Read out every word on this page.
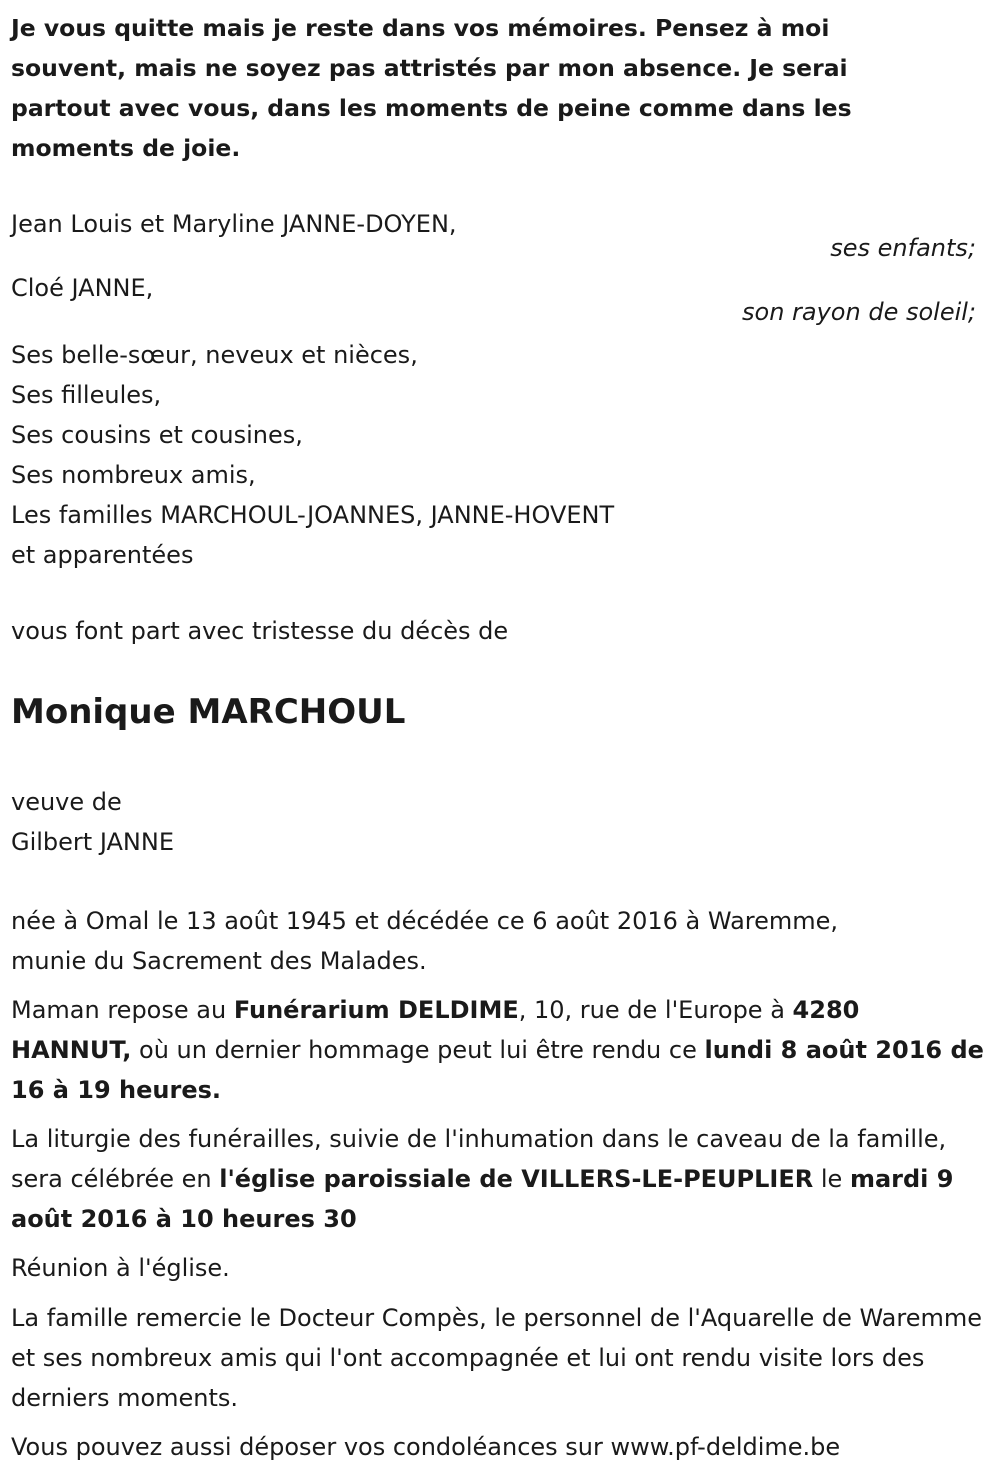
Je vous quitte mais je reste dans vos mémoires. Pensez à moi
souvent, mais ne soyez pas attristés par mon absence. Je serai
partout avec vous, dans les moments de peine comme dans les
moments de joie.
Jean Louis et Maryline JANNE-DOYEN,
ses enfants;
Cloé JANNE,
son rayon de soleil;
Ses belle-sœur, neveux et nièces,
Ses filleules,
Ses cousins et cousines,
Ses nombreux amis,
Les familles MARCHOUL-JOANNES, JANNE-HOVENT
et apparentées
vous font part avec tristesse du décès de
Monique MARCHOUL
veuve de
Gilbert JANNE
née à Omal le 13 août 1945 et décédée ce 6 août 2016 à Waremme,
munie du Sacrement des Malades.

Maman repose au Funérarium DELDIME, 10, rue de l'Europe à 4280 HANNUT, où un dernier hommage peut lui être rendu ce lundi 8 août 2016 de 16 à 19 heures.

La liturgie des funérailles, suivie de l'inhumation dans le caveau de la famille, sera célébrée en l'église paroissiale de VILLERS-LE-PEUPLIER le mardi 9 août 2016 à 10 heures 30

Réunion à l'église.

La famille remercie le Docteur Compès, le personnel de l'Aquarelle de Waremme et ses nombreux amis qui l'ont accompagnée et lui ont rendu visite lors des derniers moments.

Vous pouvez aussi déposer vos condoléances sur www.pf-deldime.be
